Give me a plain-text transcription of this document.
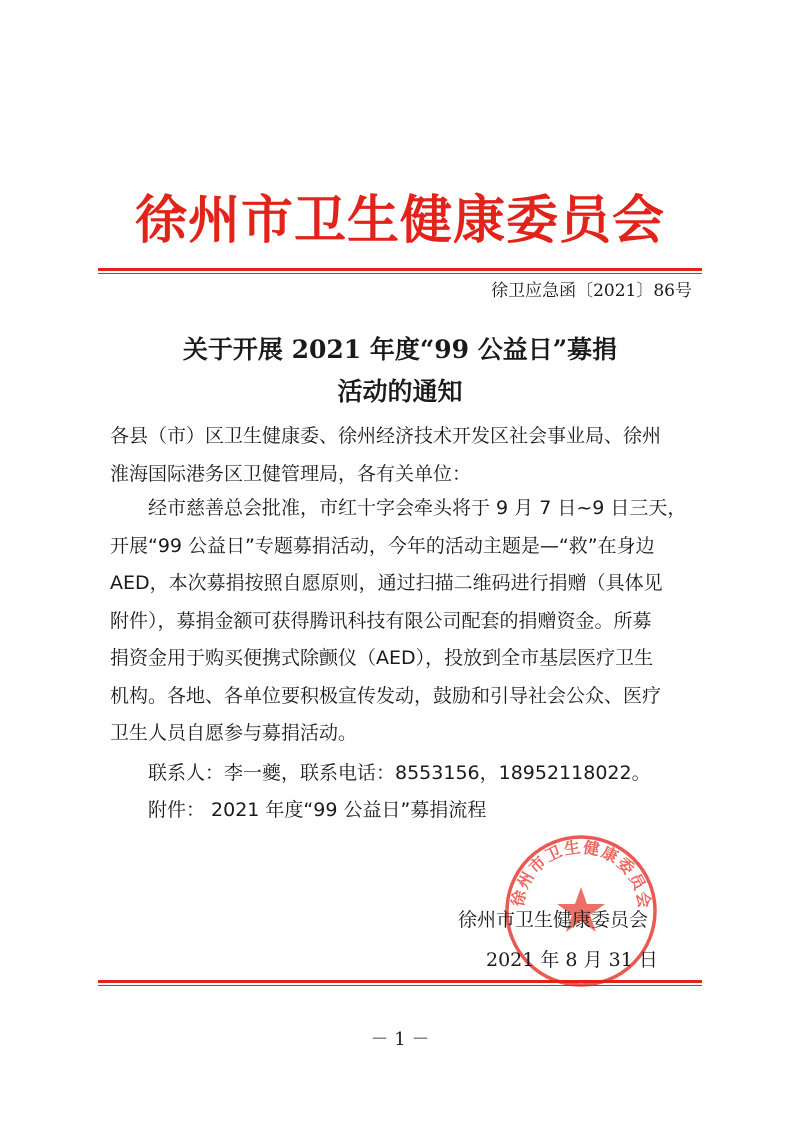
徐州市卫生健康委员会
徐卫应急函〔2021〕86号
关于开展 2021 年度“99 公益日”募捐
活动的通知
各县（市）区卫生健康委、徐州经济技术开发区社会事业局、徐州
淮海国际港务区卫健管理局，各有关单位：
经市慈善总会批准，市红十字会牵头将于 9 月 7 日~9 日三天，
开展“99 公益日”专题募捐活动，今年的活动主题是—“救”在身边
AED，本次募捐按照自愿原则，通过扫描二维码进行捐赠（具体见
附件），募捐金额可获得腾讯科技有限公司配套的捐赠资金。所募
捐资金用于购买便携式除颤仪（AED），投放到全市基层医疗卫生
机构。各地、各单位要积极宣传发动，鼓励和引导社会公众、医疗
卫生人员自愿参与募捐活动。
联系人：李一夔，联系电话：8553156，18952118022。
附件： 2021 年度“99 公益日”募捐流程
徐州市卫生健康委员会
徐州市卫生健康委员会
2021 年 8 月 31 日
－ 1 －
